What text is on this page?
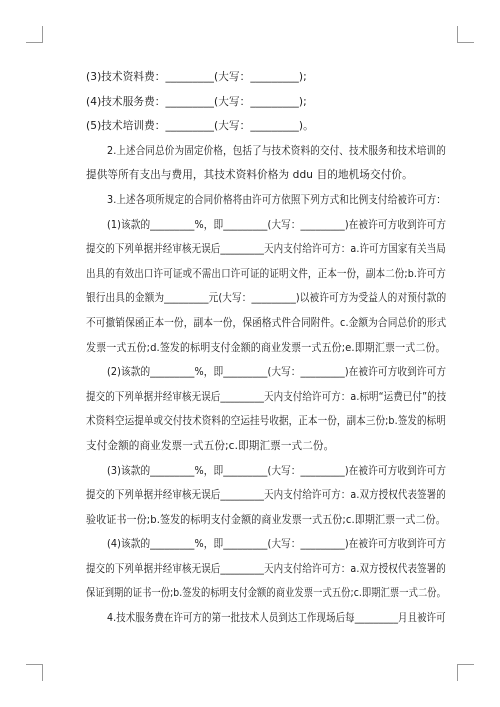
(3)技术资料费：_________(大写：_________);
(4)技术服务费：_________(大写：_________);
(5)技术培训费：_________(大写：_________)。
2.上述合同总价为固定价格，包括了与技术资料的交付、技术服务和技术培训的
提供等所有支出与费用，其技术资料价格为 ddu 目的地机场交付价。
3.上述各项所规定的合同价格将由许可方依照下列方式和比例支付给被许可方：
(1)该款的_________%，即_________(大写：_________)在被许可方收到许可方
提交的下列单据并经审核无误后_________天内支付给许可方：a.许可方国家有关当局
出具的有效出口许可证或不需出口许可证的证明文件，正本一份，副本二份;b.许可方
银行出具的金额为_________元(大写：_________)以被许可方为受益人的对预付款的
不可撤销保函正本一份，副本一份，保函格式件合同附件。c.金额为合同总价的形式
发票一式五份;d.签发的标明支付金额的商业发票一式五份;e.即期汇票一式二份。
(2)该款的_________%，即_________(大写：_________)在被许可方收到许可方
提交的下列单据并经审核无误后_________天内支付给许可方：a.标明“运费已付”的技
术资料空运提单或交付技术资料的空运挂号收据，正本一份，副本三份;b.签发的标明
支付金额的商业发票一式五份;c.即期汇票一式二份。
(3)该款的_________%，即_________(大写：_________)在被许可方收到许可方
提交的下列单据并经审核无误后_________天内支付给许可方：a.双方授权代表签署的
验收证书一份;b.签发的标明支付金额的商业发票一式五份;c.即期汇票一式二份。
(4)该款的_________%，即_________(大写：_________)在被许可方收到许可方
提交的下列单据并经审核无误后_________天内支付给许可方：a.双方授权代表签署的
保证到期的证书一份;b.签发的标明支付金额的商业发票一式五份;c.即期汇票一式二份。
4.技术服务费在许可方的第一批技术人员到达工作现场后每_________月且被许可
